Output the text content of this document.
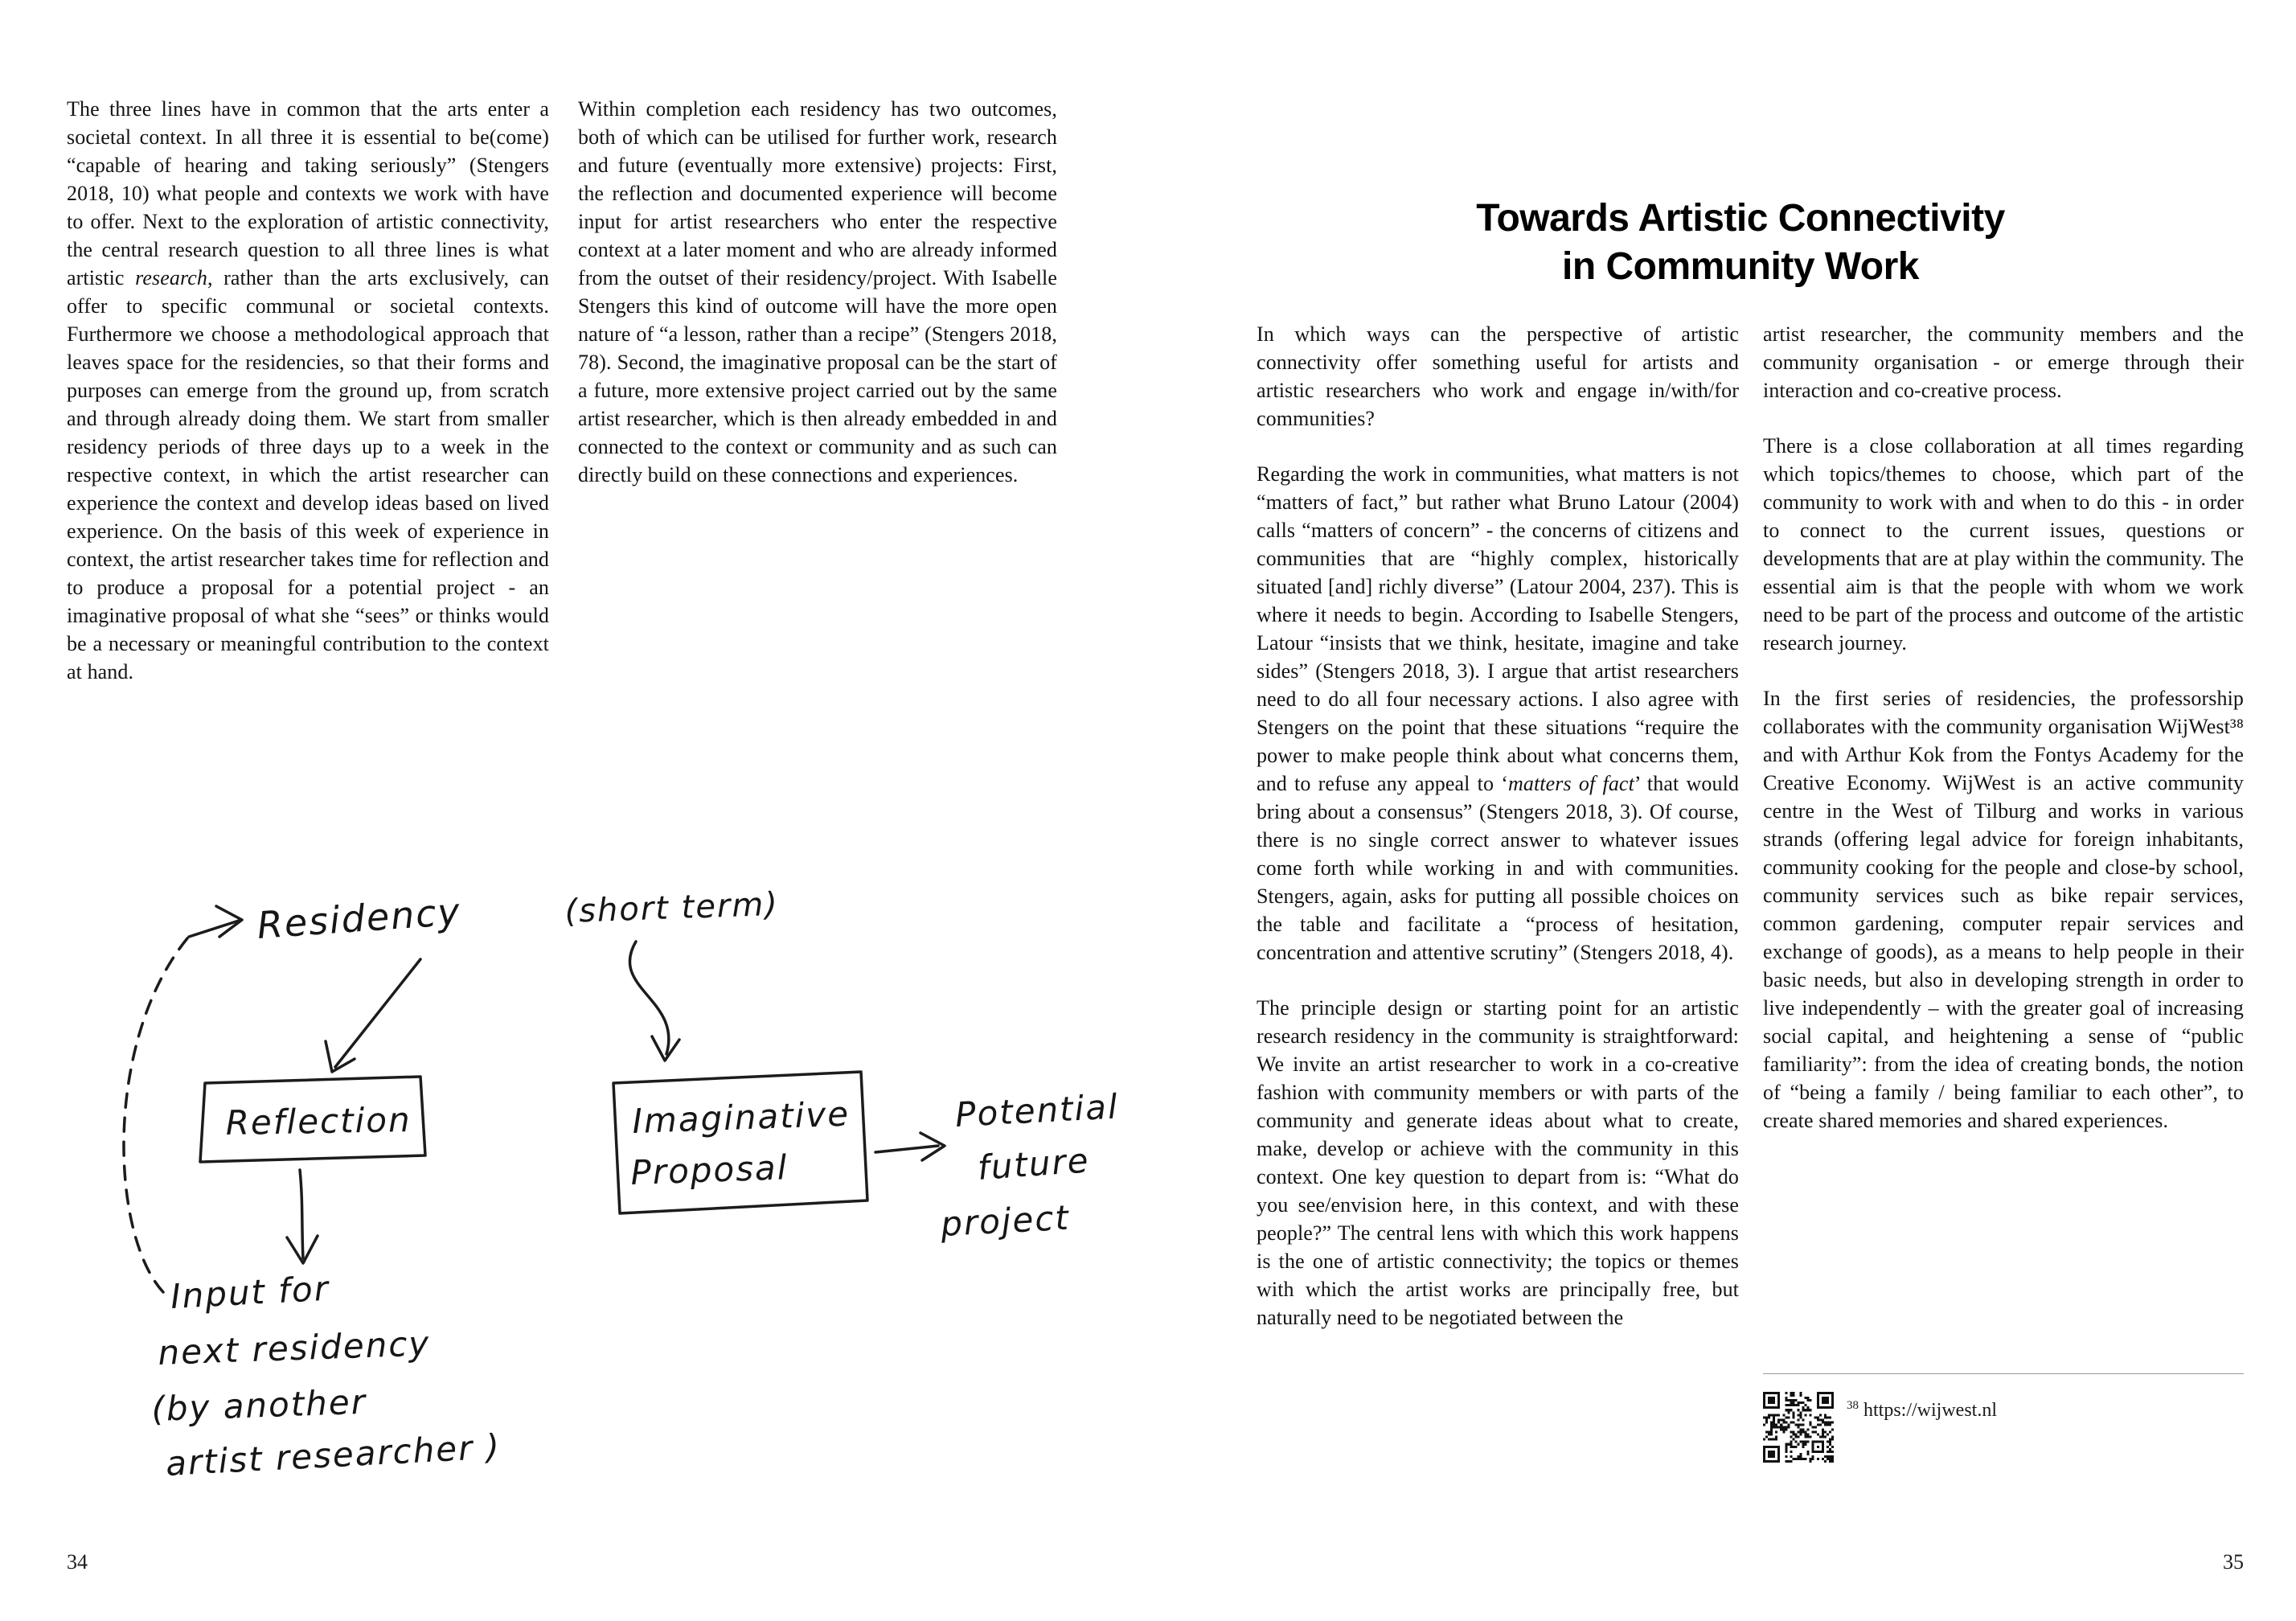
The three lines have in common that the arts enter a societal context. In all three it is essential to be(come) “capable of hearing and taking seriously” (Stengers 2018, 10) what people and contexts we work with have to offer. Next to the exploration of artistic connectivity, the central research question to all three lines is what artistic research, rather than the arts exclusively, can offer to specific communal or societal contexts. Furthermore we choose a methodological approach that leaves space for the residencies, so that their forms and purposes can emerge from the ground up, from scratch and through already doing them. We start from smaller residency periods of three days up to a week in the respective context, in which the artist researcher can experience the context and develop ideas based on lived experience. On the basis of this week of experience in context, the artist researcher takes time for reflection and to produce a proposal for a potential project - an imaginative proposal of what she “sees” or thinks would be a necessary or meaningful contribution to the context at hand.

Within completion each residency has two outcomes, both of which can be utilised for further work, research and future (eventually more extensive) projects: First, the reflection and documented experience will become input for artist researchers who enter the respective context at a later moment and who are already informed from the outset of their residency/project. With Isabelle Stengers this kind of outcome will have the more open nature of “a lesson, rather than a recipe” (Stengers 2018, 78). Second, the imaginative proposal can be the start of a future, more extensive project carried out by the same artist researcher, which is then already embedded in and connected to the context or community and as such can directly build on these connections and experiences.

Residency	(short term)
Reflection	Imaginative
Proposal
Potential
future
project
Input for
next residency
(by another
artist researcher )
34
Towards Artistic Connectivity
in Community Work

In which ways can the perspective of artistic connectivity offer something useful for artists and artistic researchers who work and engage in/with/for communities?

Regarding the work in communities, what matters is not “matters of fact,” but rather what Bruno Latour (2004) calls “matters of concern” - the concerns of citizens and communities that are “highly complex, historically situated [and] richly diverse” (Latour 2004, 237). This is where it needs to begin. According to Isabelle Stengers, Latour “insists that we think, hesitate, imagine and take sides” (Stengers 2018, 3). I argue that artist researchers need to do all four necessary actions. I also agree with Stengers on the point that these situations “require the power to make people think about what concerns them, and to refuse any appeal to ‘matters of fact’ that would bring about a consensus” (Stengers 2018, 3). Of course, there is no single correct answer to whatever issues come forth while working in and with communities. Stengers, again, asks for putting all possible choices on the table and facilitate a “process of hesitation, concentration and attentive scrutiny” (Stengers 2018, 4).

The principle design or starting point for an artistic research residency in the community is straightforward: We invite an artist researcher to work in a co-creative fashion with community members or with parts of the community and generate ideas about what to create, make, develop or achieve with the community in this context. One key question to depart from is: “What do you see/envision here, in this context, and with these people?” The central lens with which this work happens is the one of artistic connectivity; the topics or themes with which the artist works are principally free, but naturally need to be negotiated between the

artist researcher, the community members and the community organisation - or emerge through their interaction and co-creative process.

There is a close collaboration at all times regarding which topics/themes to choose, which part of the community to work with and when to do this - in order to connect to the current issues, questions or developments that are at play within the community. The essential aim is that the people with whom we work need to be part of the process and outcome of the artistic research journey.

In the first series of residencies, the professorship collaborates with the community organisation WijWest³⁸ and with Arthur Kok from the Fontys Academy for the Creative Economy. WijWest is an active community centre in the West of Tilburg and works in various strands (offering legal advice for foreign inhabitants, community cooking for the people and close-by school, community services such as bike repair services, common gardening, computer repair services and exchange of goods), as a means to help people in their basic needs, but also in developing strength in order to live independently – with the greater goal of increasing social capital, and heightening a sense of “public familiarity”: from the idea of creating bonds, the notion of “being a family / being familiar to each other”, to create shared memories and shared experiences.

$^{38}$ https://wijwest.nl
35
